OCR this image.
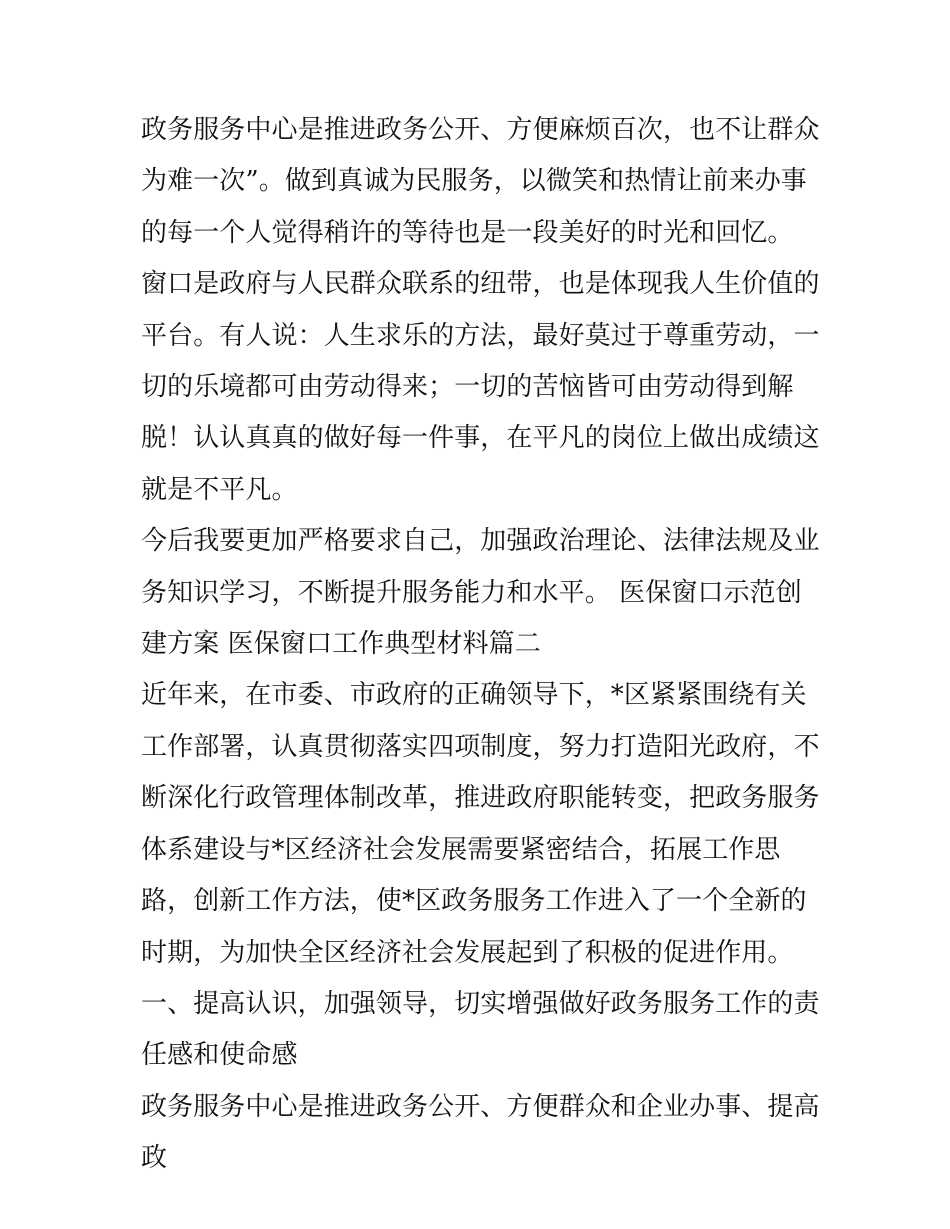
政务服务中心是推进政务公开、方便麻烦百次，也不让群众为难一次”。做到真诚为民服务，以微笑和热情让前来办事的每一个人觉得稍许的等待也是一段美好的时光和回忆。

窗口是政府与人民群众联系的纽带，也是体现我人生价值的平台。有人说：人生求乐的方法，最好莫过于尊重劳动，一切的乐境都可由劳动得来；一切的苦恼皆可由劳动得到解脱！认认真真的做好每一件事，在平凡的岗位上做出成绩这就是不平凡。

今后我要更加严格要求自己，加强政治理论、法律法规及业务知识学习，不断提升服务能力和水平。 医保窗口示范创建方案 医保窗口工作典型材料篇二

近年来，在市委、市政府的正确领导下，*区紧紧围绕有关工作部署，认真贯彻落实四项制度，努力打造阳光政府，不断深化行政管理体制改革，推进政府职能转变，把政务服务体系建设与*区经济社会发展需要紧密结合，拓展工作思路，创新工作方法，使*区政务服务工作进入了一个全新的时期，为加快全区经济社会发展起到了积极的促进作用。

一、提高认识，加强领导，切实增强做好政务服务工作的责任感和使命感

政务服务中心是推进政务公开、方便群众和企业办事、提高政
